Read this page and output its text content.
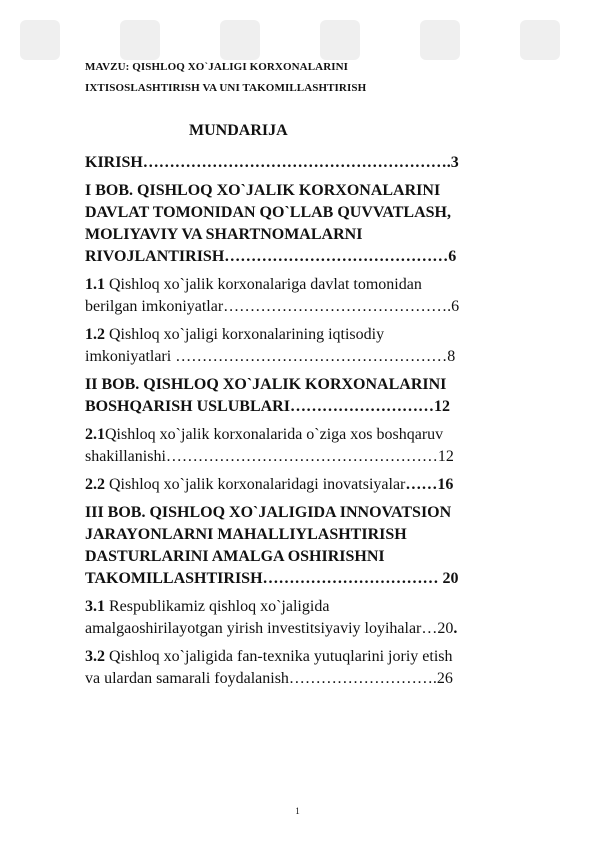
MAVZU: QISHLOQ XO`JALIGI KORXONALARINI
IXTISOSLASHTIRISH VA UNI TAKOMILLASHTIRISH
MUNDARIJA
KIRISH………………………………………………….3
I BOB. QISHLOQ XO`JALIK KORXONALARINI
DAVLAT TOMONIDAN QO`LLAB QUVVATLASH,
MOLIYAVIY VA SHARTNOMALARNI
RIVOJLANTIRISH……………………………………6
1.1 Qishloq xo`jalik korxonalariga davlat tomonidan
berilgan imkoniyatlar…………………………………….6
1.2 Qishloq xo`jaligi korxonalarining iqtisodiy
imkoniyatlari ……………………………………………8
II BOB. QISHLOQ XO`JALIK KORXONALARINI
BOSHQARISH USLUBLARI………………………12
2.1Qishloq xo`jalik korxonalarida o`ziga xos boshqaruv
shakillanishi……………………………………………12
2.2 Qishloq xo`jalik korxonalaridagi inovatsiyalar……16
III BOB. QISHLOQ XO`JALIGIDA INNOVATSION
JARAYONLARNI MAHALLIYLASHTIRISH
DASTURLARINI AMALGA OSHIRISHNI
TAKOMILLASHTIRISH…………………………… 20
3.1 Respublikamiz qishloq xo`jaligida
amalgaoshirilayotgan yirish investitsiyaviy loyihalar…20.
3.2 Qishloq xo`jaligida fan-texnika yutuqlarini joriy etish
va ulardan samarali foydalanish……………………….26
1
